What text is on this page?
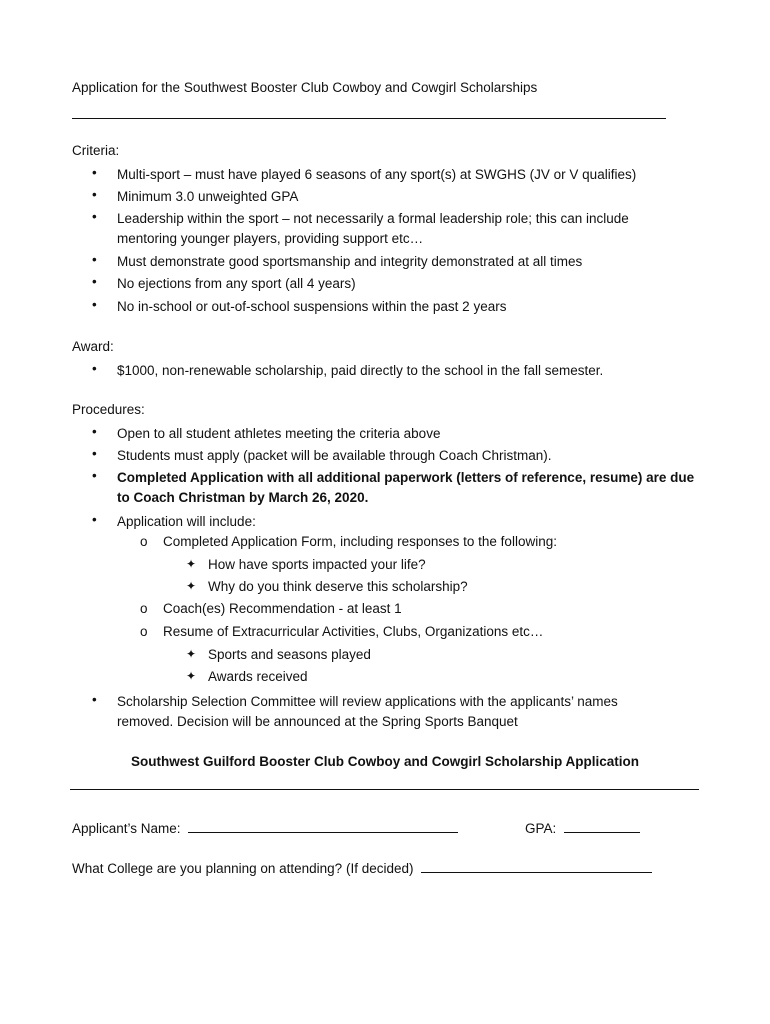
Application for the Southwest Booster Club Cowboy and Cowgirl Scholarships
Criteria:
• Multi-sport – must have played 6 seasons of any sport(s) at SWGHS (JV or V qualifies)
• Minimum 3.0 unweighted GPA
• Leadership within the sport – not necessarily a formal leadership role; this can include mentoring younger players, providing support etc…
• Must demonstrate good sportsmanship and integrity demonstrated at all times
• No ejections from any sport (all 4 years)
• No in-school or out-of-school suspensions within the past 2 years
Award:
• $1000, non-renewable scholarship, paid directly to the school in the fall semester.
Procedures:
• Open to all student athletes meeting the criteria above
• Students must apply (packet will be available through Coach Christman).
• Completed Application with all additional paperwork (letters of reference, resume) are due to Coach Christman by March 26, 2020.
• Application will include:
o Completed Application Form, including responses to the following:
✦ How have sports impacted your life?
✦ Why do you think deserve this scholarship?
o Coach(es) Recommendation - at least 1
o Resume of Extracurricular Activities, Clubs, Organizations etc…
✦ Sports and seasons played
✦ Awards received
• Scholarship Selection Committee will review applications with the applicants’ names removed. Decision will be announced at the Spring Sports Banquet
Southwest Guilford Booster Club Cowboy and Cowgirl Scholarship Application
Applicant’s Name:	GPA:
What College are you planning on attending? (If decided)
